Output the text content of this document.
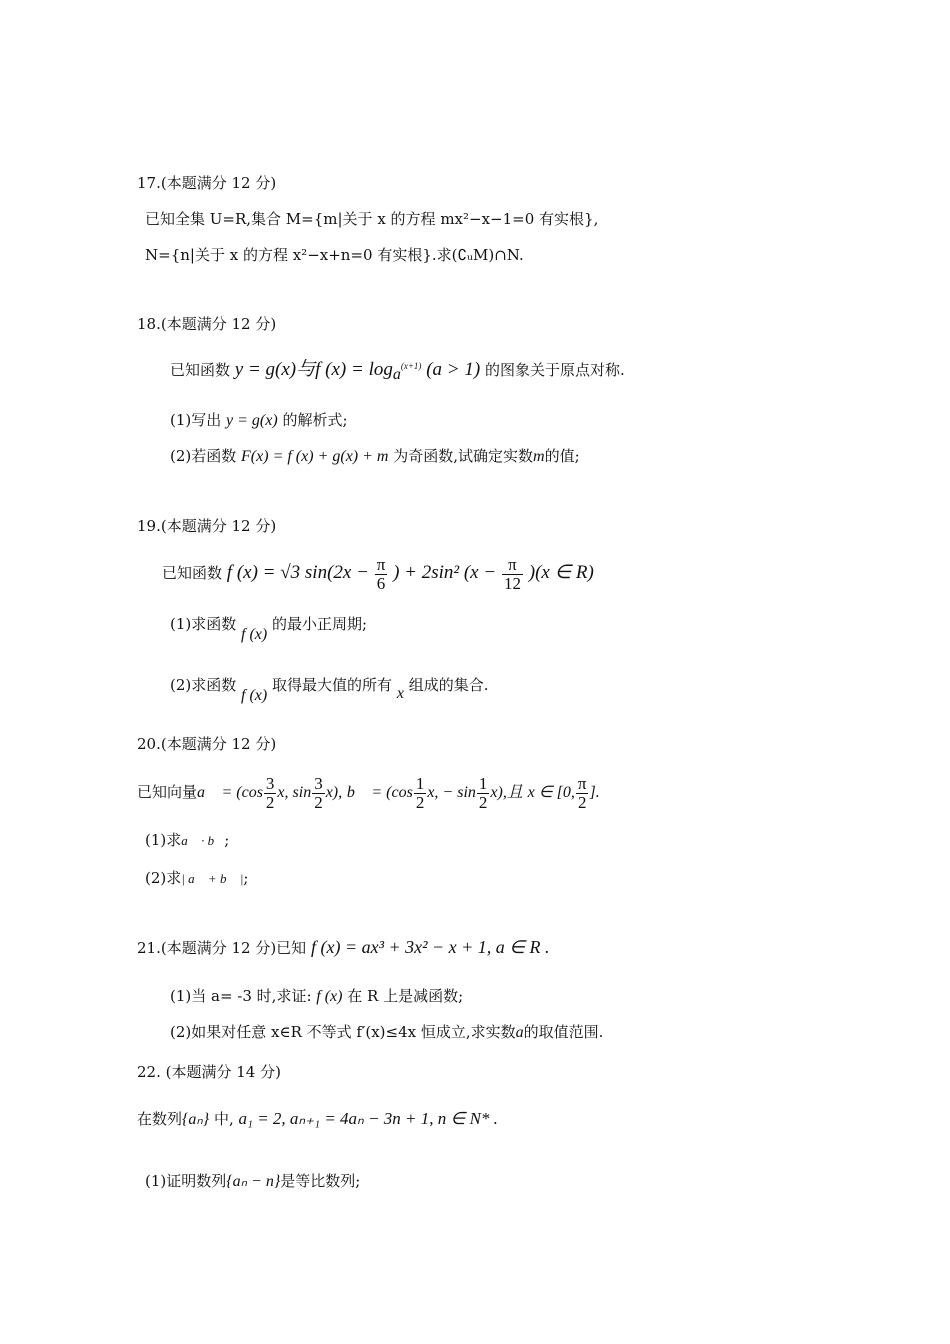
17.(本题满分 12 分)
已知全集 U=R,集合 M={m|关于 x 的方程 mx²−x−1=0 有实根},
N={n|关于 x 的方程 x²−x+n=0 有实根}.求(∁ᵤM)∩N.
18.(本题满分 12 分)
已知函数 y = g(x)与f $(x) = \log_a^{(x+1)} (a > 1)$ 的图象关于原点对称.
(1)写出 y = g(x) 的解析式;
(2)若函数 F(x) = f (x) + g(x) + m 为奇函数,试确定实数m的值;
19.(本题满分 12 分)
已知函数 f (x) = √3 $\sin(2x - \frac{\pi}{6}$ ) + 2sin² $(x - \frac{\pi}{12} )(x$ ∈ R)
(1)求函数 f (x) 的最小正周期;
(2)求函数 f (x) 取得最大值的所有 x 组成的集合.
20.(本题满分 12 分)
已知向量a⃗ = ($\cos \frac{3}{2} x$, $\sin \frac{3}{2} x$), b⃗ = ($\cos \frac{1}{2} x$, − $\sin \frac{1}{2} x$),且 x ∈ [0, $\frac{\pi}{2}$ ].
(1)求a⃗ · b⃗;
(2)求| a⃗ + b⃗ |;
21.(本题满分 12 分)已知 f (x) = ax³ + 3x² − x + 1, a ∈ R .
(1)当 a= -3 时,求证: f (x) 在 R 上是减函数;
(2)如果对任意 x∈R 不等式 f′(x)≤4x 恒成立,求实数a的取值范围.
22. (本题满分 14 分)
在数列{aₙ} 中, a₁ = 2, aₙ₊₁ = 4aₙ − 3n + 1, n ∈ N* .
(1)证明数列{aₙ − n}是等比数列;
